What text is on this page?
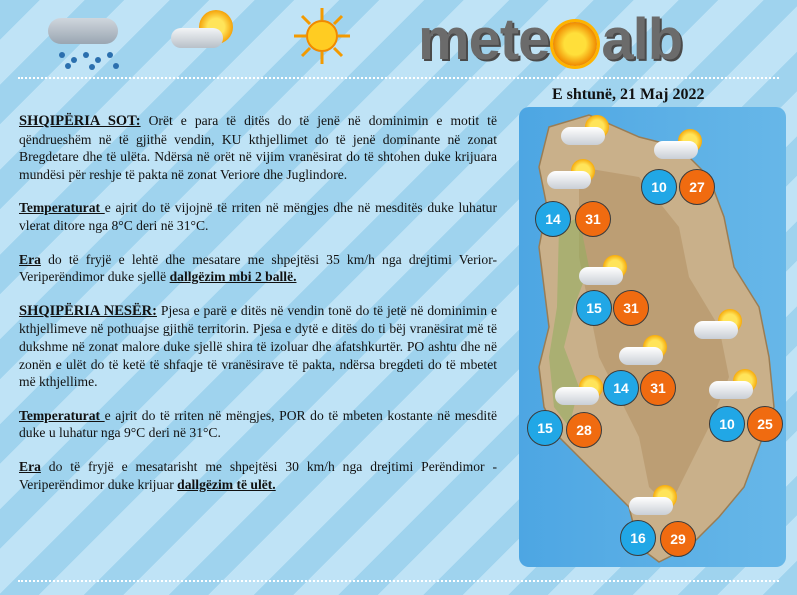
mete alb
E shtunë, 21 Maj 2022

SHQIPËRIA SOT: Orët e para të ditës do të jenë në dominimin e motit të qëndrueshëm në të gjithë vendin, KU kthjellimet do të jenë dominante në zonat Bregdetare dhe të ulëta. Ndërsa në orët në vijim vranësirat do të shtohen duke krijuara mundësi për reshje të pakta në zonat Veriore dhe Juglindore.

Temperaturat e ajrit do të vijojnë të rriten në mëngjes dhe në mesditës duke luhatur vlerat ditore nga 8°C deri në 31°C.

Era do të fryjë e lehtë dhe mesatare me shpejtësi 35 km/h nga drejtimi Verior-Veriperëndimor duke sjellë dallgëzim mbi 2 ballë.

SHQIPËRIA NESËR: Pjesa e parë e ditës në vendin tonë do të jetë në dominimin e kthjellimeve në pothuajse gjithë territorin. Pjesa e dytë e ditës do ti bëj vranësirat më të dukshme në zonat malore duke sjellë shira të izoluar dhe afatshkurtër. PO ashtu dhe në zonën e ulët do të ketë të shfaqje të vranësirave të pakta, ndërsa bregdeti do të mbetet më kthjellime.

Temperaturat e ajrit do të rriten në mëngjes, POR do të mbeten kostante në mesditë duke u luhatur nga 9°C deri në 31°C.

Era do të fryjë e mesatarisht me shpejtësi 30 km/h nga drejtimi Perëndimor - Veriperëndimor duke krijuar dallgëzim të ulët.

10	27
14	31
15	31
14	31
15	28	10	25
16	29
